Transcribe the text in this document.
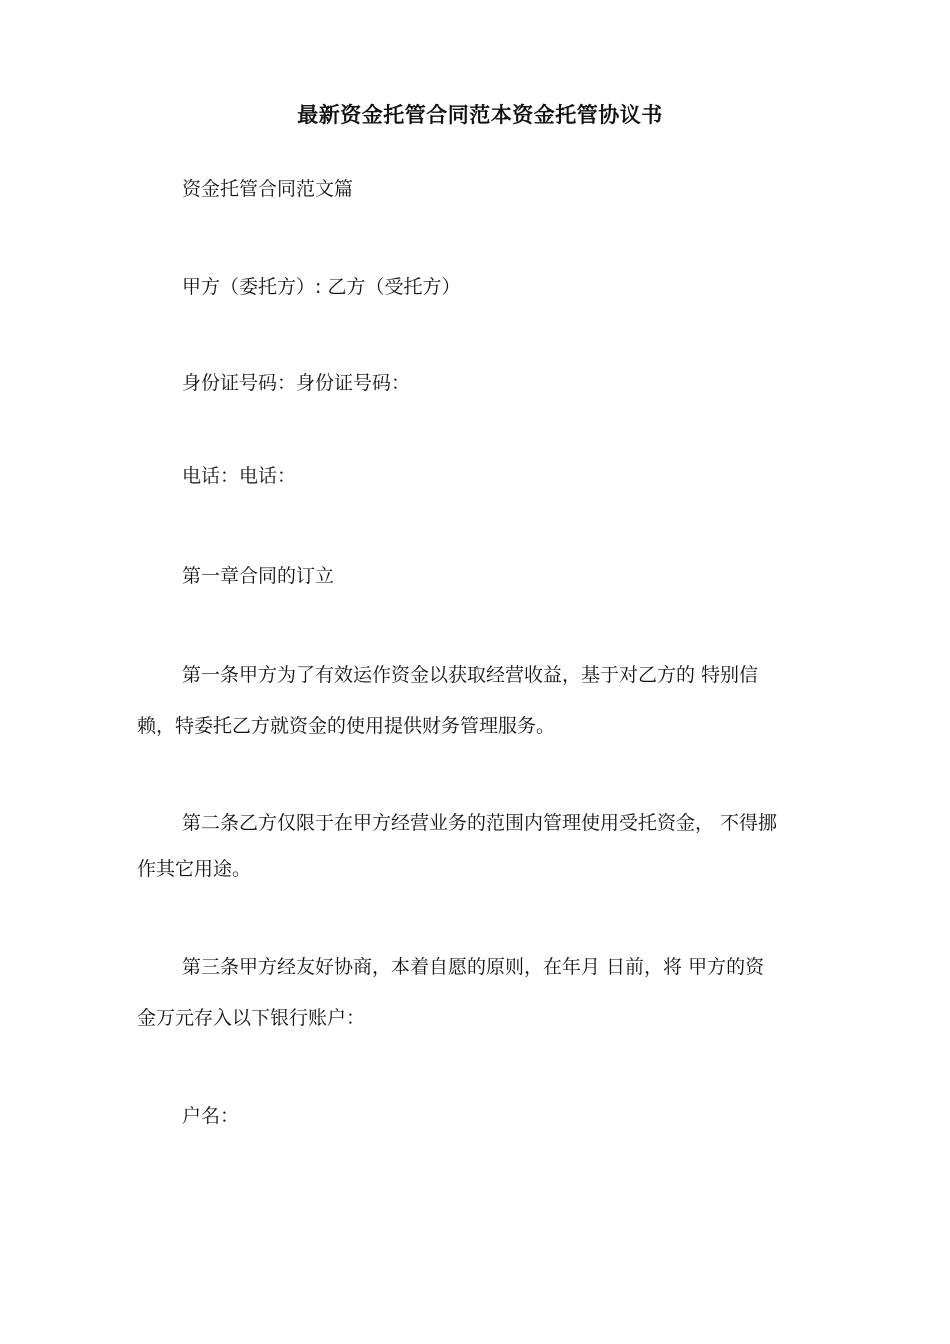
最新资金托管合同范本资金托管协议书
资金托管合同范文篇
甲方（委托方）: 乙方（受托方）
身份证号码：身份证号码：
电话：电话：
第一章合同的订立
第一条甲方为了有效运作资金以获取经营收益，基于对乙方的 特别信
赖，特委托乙方就资金的使用提供财务管理服务。
第二条乙方仅限于在甲方经营业务的范围内管理使用受托资金， 不得挪
作其它用途。
第三条甲方经友好协商，本着自愿的原则，在年月 日前，将 甲方的资
金万元存入以下银行账户：
户名：
